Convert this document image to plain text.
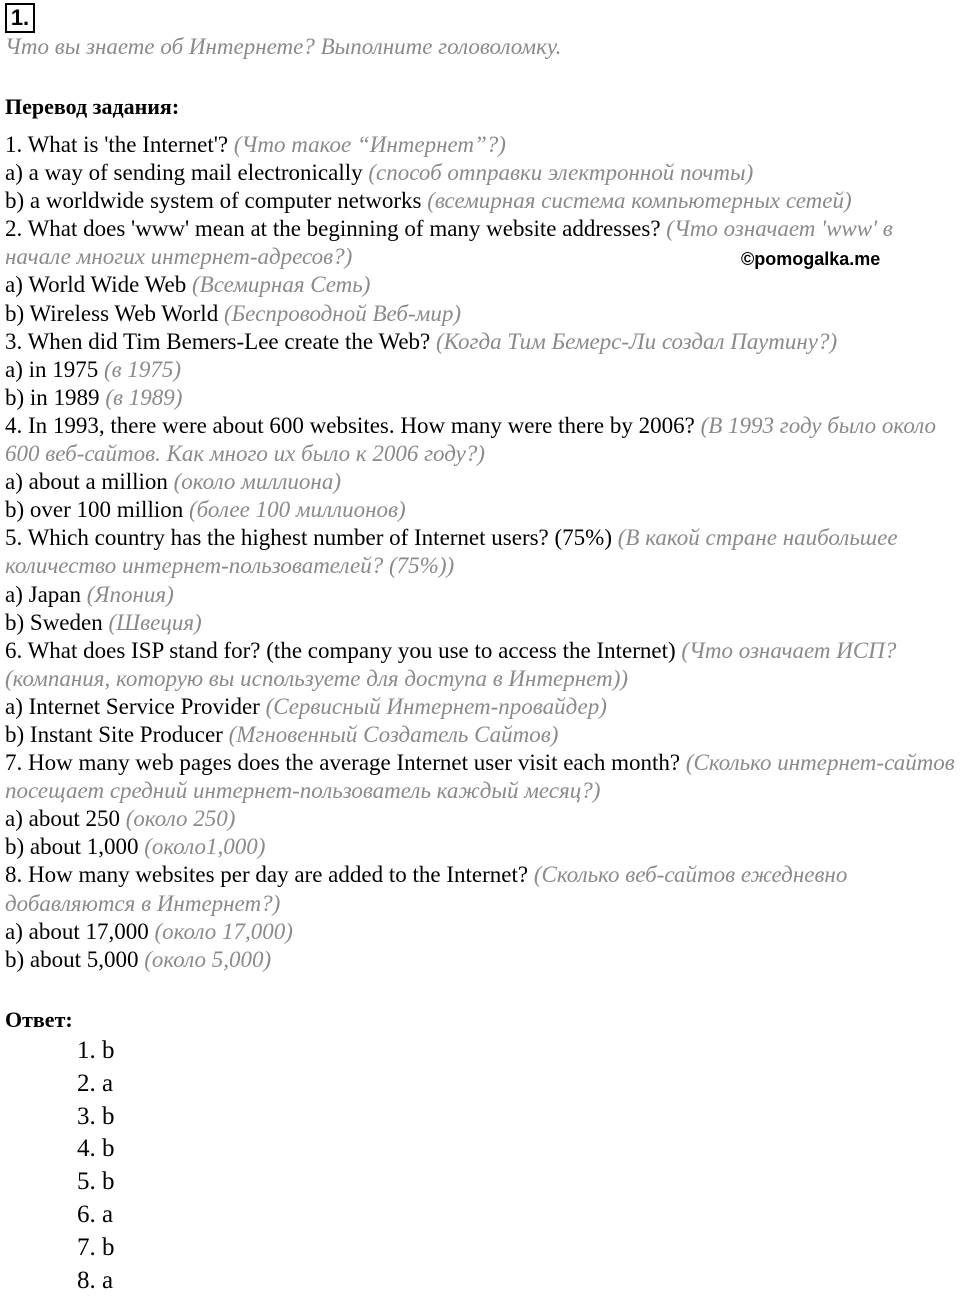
1.
Что вы знаете об Интернете? Выполните головоломку.
Перевод задания:
1. What is 'the Internet'? (Что такое “Интернет”?)
a) a way of sending mail electronically (способ отправки электронной почты)
b) a worldwide system of computer networks (всемирная система компьютерных сетей)
2. What does 'www' mean at the beginning of many website addresses? (Что означает 'www' в начале многих интернет-адресов?)
a) World Wide Web (Всемирная Сеть)
b) Wireless Web World (Беспроводной Веб-мир)
3. When did Tim Bemers-Lee create the Web? (Когда Тим Бемерс-Ли создал Паутину?)
a) in 1975 (в 1975)
b) in 1989 (в 1989)
4. In 1993, there were about 600 websites. How many were there by 2006? (В 1993 году было около 600 веб-сайтов. Как много их было к 2006 году?)
a) about a million (около миллиона)
b) over 100 million (более 100 миллионов)
5. Which country has the highest number of Internet users? (75%) (В какой стране наибольшее количество интернет-пользователей? (75%))
a) Japan (Япония)
b) Sweden (Швеция)
6. What does ISP stand for? (the company you use to access the Internet) (Что означает ИСП? (компания, которую вы используете для доступа в Интернет))
a) Internet Service Provider (Сервисный Интернет-провайдер)
b) Instant Site Producer (Мгновенный Создатель Сайтов)
7. How many web pages does the average Internet user visit each month? (Сколько интернет-сайтов посещает средний интернет-пользователь каждый месяц?)
a) about 250 (около 250)
b) about 1,000 (около1,000)
8. How many websites per day are added to the Internet? (Сколько веб-сайтов ежедневно добавляются в Интернет?)
a) about 17,000 (около 17,000)
b) about 5,000 (около 5,000)
©pomogalka.me
Ответ:
1. b
2. a
3. b
4. b
5. b
6. a
7. b
8. a
